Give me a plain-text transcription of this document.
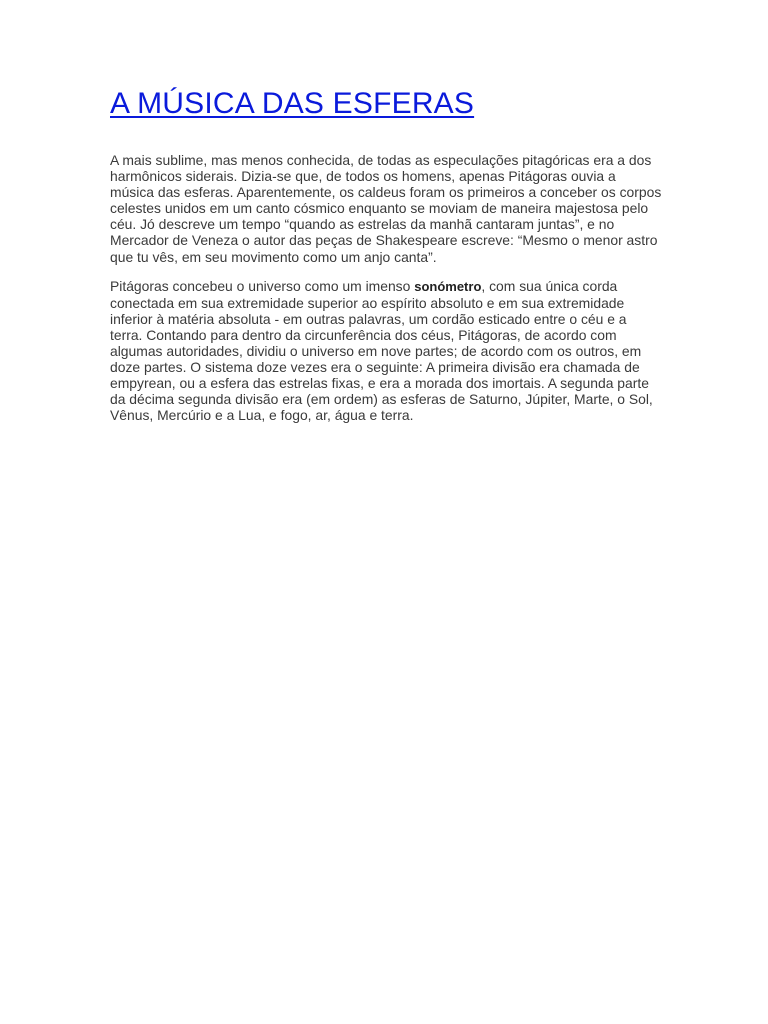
A MÚSICA DAS ESFERAS

A mais sublime, mas menos conhecida, de todas as especulações pitagóricas era a dos harmônicos siderais. Dizia-se que, de todos os homens, apenas Pitágoras ouvia a música das esferas. Aparentemente, os caldeus foram os primeiros a conceber os corpos celestes unidos em um canto cósmico enquanto se moviam de maneira majestosa pelo céu. Jó descreve um tempo “quando as estrelas da manhã cantaram juntas”, e no Mercador de Veneza o autor das peças de Shakespeare escreve: “Mesmo o menor astro que tu vês, em seu movimento como um anjo canta”.

Pitágoras concebeu o universo como um imenso sonómetro, com sua única corda conectada em sua extremidade superior ao espírito absoluto e em sua extremidade inferior à matéria absoluta - em outras palavras, um cordão esticado entre o céu e a terra. Contando para dentro da circunferência dos céus, Pitágoras, de acordo com algumas autoridades, dividiu o universo em nove partes; de acordo com os outros, em doze partes. O sistema doze vezes era o seguinte: A primeira divisão era chamada de empyrean, ou a esfera das estrelas fixas, e era a morada dos imortais. A segunda parte da décima segunda divisão era (em ordem) as esferas de Saturno, Júpiter, Marte, o Sol, Vênus, Mercúrio e a Lua, e fogo, ar, água e terra.
